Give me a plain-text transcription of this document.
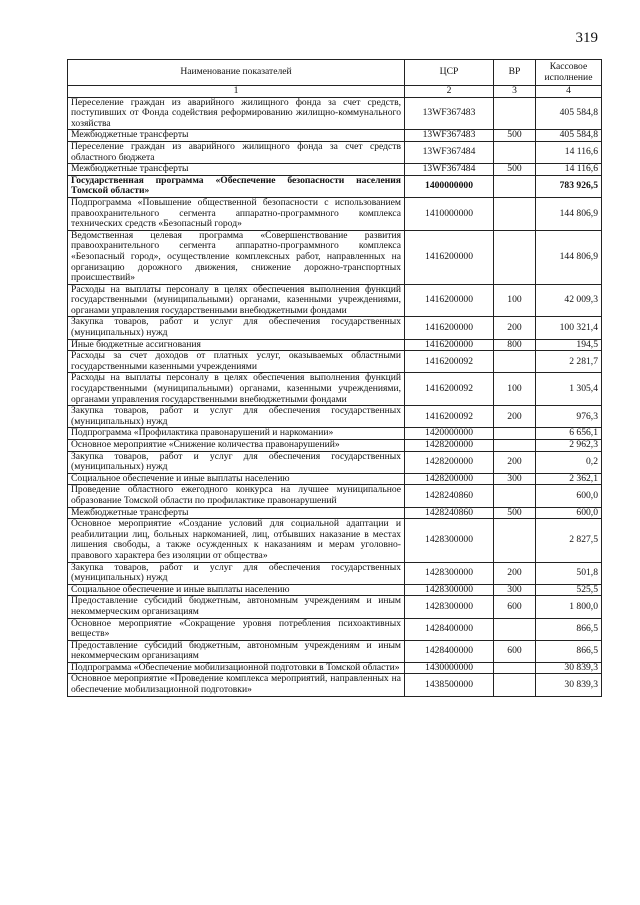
319
Наименование показателей	ЦСР	ВР	Кассовое исполнение
1	2	3	4
Переселение граждан из аварийного жилищного фонда за счет средств, поступивших от Фонда содействия реформированию жилищно-коммунального хозяйства	13WF367483		405 584,8
Межбюджетные трансферты	13WF367483	500	405 584,8
Переселение граждан из аварийного жилищного фонда за счет средств областного бюджета	13WF367484		14 116,6
Межбюджетные трансферты	13WF367484	500	14 116,6
Государственная программа «Обеспечение безопасности населения Томской области»	1400000000		783 926,5
Подпрограмма «Повышение общественной безопасности с использованием правоохранительного сегмента аппаратно-программного комплекса технических средств «Безопасный город»	1410000000		144 806,9
Ведомственная целевая программа «Совершенствование развития правоохранительного сегмента аппаратно-программного комплекса «Безопасный город», осуществление комплексных работ, направленных на организацию дорожного движения, снижение дорожно-транспортных происшествий»	1416200000		144 806,9
Расходы на выплаты персоналу в целях обеспечения выполнения функций государственными (муниципальными) органами, казенными учреждениями, органами управления государственными внебюджетными фондами	1416200000	100	42 009,3
Закупка товаров, работ и услуг для обеспечения государственных (муниципальных) нужд	1416200000	200	100 321,4
Иные бюджетные ассигнования	1416200000	800	194,5
Расходы за счет доходов от платных услуг, оказываемых областными государственными казенными учреждениями	1416200092		2 281,7
Расходы на выплаты персоналу в целях обеспечения выполнения функций государственными (муниципальными) органами, казенными учреждениями, органами управления государственными внебюджетными фондами	1416200092	100	1 305,4
Закупка товаров, работ и услуг для обеспечения государственных (муниципальных) нужд	1416200092	200	976,3
Подпрограмма «Профилактика правонарушений и наркомании»	1420000000		6 656,1
Основное мероприятие «Снижение количества правонарушений»	1428200000		2 962,3
Закупка товаров, работ и услуг для обеспечения государственных (муниципальных) нужд	1428200000	200	0,2
Социальное обеспечение и иные выплаты населению	1428200000	300	2 362,1
Проведение областного ежегодного конкурса на лучшее муниципальное образование Томской области по профилактике правонарушений	1428240860		600,0
Межбюджетные трансферты	1428240860	500	600,0
Основное мероприятие «Создание условий для социальной адаптации и реабилитации лиц, больных наркоманией, лиц, отбывших наказание в местах лишения свободы, а также осужденных к наказаниям и мерам уголовно-правового характера без изоляции от общества»	1428300000		2 827,5
Закупка товаров, работ и услуг для обеспечения государственных (муниципальных) нужд	1428300000	200	501,8
Социальное обеспечение и иные выплаты населению	1428300000	300	525,5
Предоставление субсидий бюджетным, автономным учреждениям и иным некоммерческим организациям	1428300000	600	1 800,0
Основное мероприятие «Сокращение уровня потребления психоактивных веществ»	1428400000		866,5
Предоставление субсидий бюджетным, автономным учреждениям и иным некоммерческим организациям	1428400000	600	866,5
Подпрограмма «Обеспечение мобилизационной подготовки в Томской области»	1430000000		30 839,3
Основное мероприятие «Проведение комплекса мероприятий, направленных на обеспечение мобилизационной подготовки»	1438500000		30 839,3
